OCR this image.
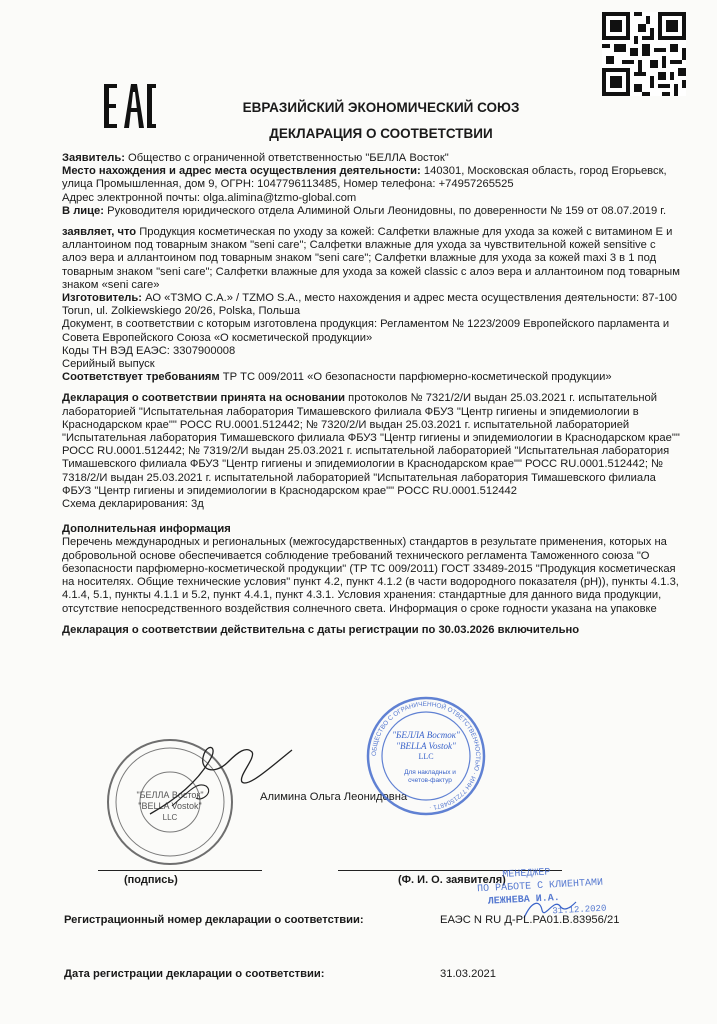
ЕВРАЗИЙСКИЙ ЭКОНОМИЧЕСКИЙ СОЮЗ
ДЕКЛАРАЦИЯ О СООТВЕТСТВИИ

Заявитель: Общество с ограниченной ответственностью "БЕЛЛА Восток"

Место нахождения и адрес места осуществления деятельности: 140301, Московская область, город Егорьевск, улица Промышленная, дом 9, ОГРН: 1047796113485, Номер телефона: +74957265525

Адрес электронной почты: olga.alimina@tzmo-global.com

В лице: Руководителя юридического отдела Алиминой Ольги Леонидовны, по доверенности № 159 от 08.07.2019 г.

заявляет, что Продукция косметическая по уходу за кожей: Салфетки влажные для ухода за кожей с витамином Е и аллантоином под товарным знаком "seni care"; Салфетки влажные для ухода за чувствительной кожей sensitive с алоэ вера и аллантоином под товарным знаком "seni care"; Салфетки влажные для ухода за кожей maxi 3 в 1 под товарным знаком "seni care"; Салфетки влажные для ухода за кожей classic с алоэ вера и аллантоином под товарным знаком «seni care»

Изготовитель: АО «ТЗМО С.А.» / TZMO S.A., место нахождения и адрес места осуществления деятельности: 87-100 Torun, ul. Zolkiewskiego 20/26, Polska, Польша

Документ, в соответствии с которым изготовлена продукция: Регламентом № 1223/2009 Европейского парламента и Совета Европейского Союза «О косметической продукции»

Коды ТН ВЭД ЕАЭС: 3307900008

Серийный выпуск

Соответствует требованиям ТР ТС 009/2011 «О безопасности парфюмерно-косметической продукции»

Декларация о соответствии принята на основании протоколов № 7321/2/И выдан 25.03.2021 г. испытательной лабораторией "Испытательная лаборатория Тимашевского филиала ФБУЗ "Центр гигиены и эпидемиологии в Краснодарском крае"" РОСС RU.0001.512442; № 7320/2/И выдан 25.03.2021 г. испытательной лабораторией "Испытательная лаборатория Тимашевского филиала ФБУЗ "Центр гигиены и эпидемиологии в Краснодарском крае"" РОСС RU.0001.512442; № 7319/2/И выдан 25.03.2021 г. испытательной лабораторией "Испытательная лаборатория Тимашевского филиала ФБУЗ "Центр гигиены и эпидемиологии в Краснодарском крае"" РОСС RU.0001.512442; № 7318/2/И выдан 25.03.2021 г. испытательной лабораторией "Испытательная лаборатория Тимашевского филиала ФБУЗ "Центр гигиены и эпидемиологии в Краснодарском крае"" РОСС RU.0001.512442

Схема декларирования: 3д

Дополнительная информация

Перечень международных и региональных (межгосударственных) стандартов в результате применения, которых на добровольной основе обеспечивается соблюдение требований технического регламента Таможенного союза "О безопасности парфюмерно-косметической продукции" (ТР ТС 009/2011) ГОСТ 33489-2015 "Продукция косметическая на носителях. Общие технические условия" пункт 4.2, пункт 4.1.2 (в части водородного показателя (pH)), пункты 4.1.3, 4.1.4, 5.1, пункты 4.1.1 и 5.2, пункт 4.4.1, пункт 4.3.1. Условия хранения: стандартные для данного вида продукции, отсутствие непосредственного воздействия солнечного света. Информация о сроке годности указана на упаковке

Декларация о соответствии действительна с даты регистрации по 30.03.2026 включительно

"БЕЛЛА Восток"
"BELLA Vostok"
LLC
Алимина Ольга Леонидовна
ОБЩЕСТВО С ОГРАНИЧЕННОЙ ОТВЕТСТВЕННОСТЬЮ · ИНН 7721504871 ·
"БЕЛЛА Восток"
"BELLA Vostok"
LLC
Для накладных и
счетов-фактур
(подпись)	(Ф. И. О. заявителя)
МЕНЕДЖЕР
ПО РАБОТЕ С КЛИЕНТАМИ
ЛЕЖНЕВА И.А.
31.12.2020
Регистрационный номер декларации о соответствии:	ЕАЭС N RU Д-PL.РА01.В.83956/21
Дата регистрации декларации о соответствии:	31.03.2021
